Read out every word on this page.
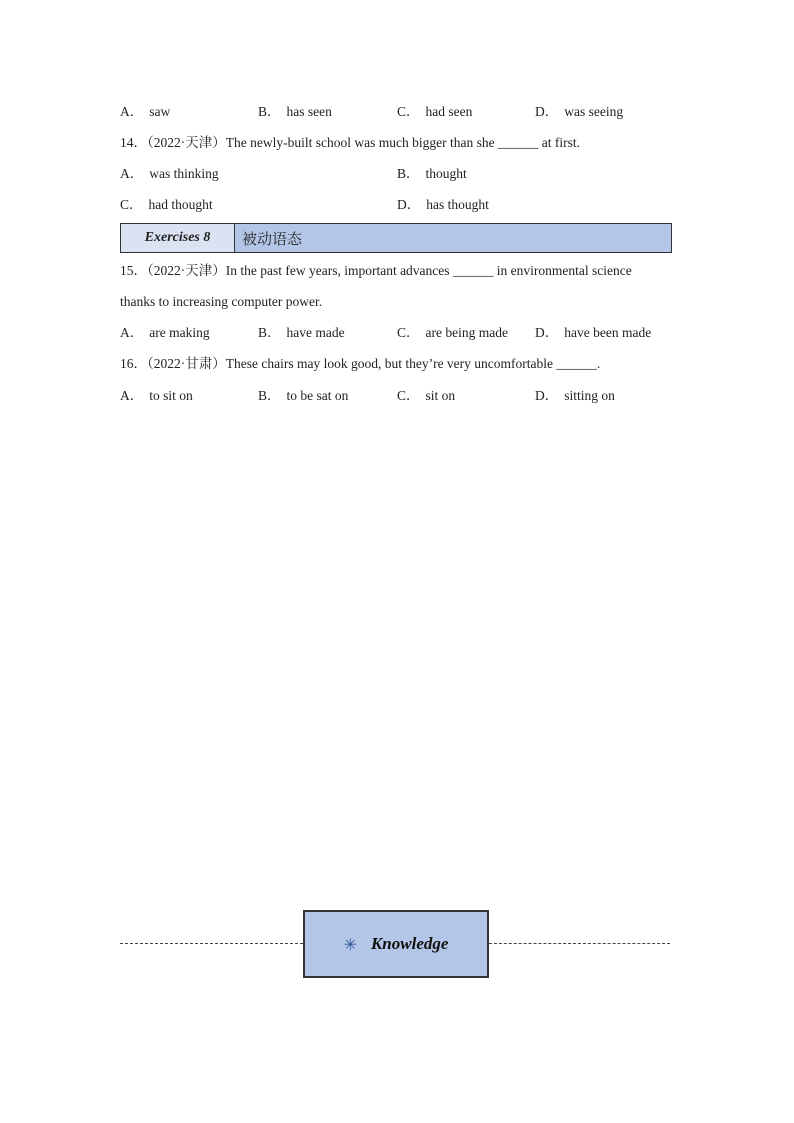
A． saw	B． has seen	C． had seen	D． was seeing
14．（2022·天津）The newly-built school was much bigger than she ______ at first.
A． was thinking	B． thought
C． had thought	D． has thought
Exercises 8	被动语态
15．（2022·天津）In the past few years, important advances ______ in environmental science
thanks to increasing computer power.
A． are making	B． have made	C． are being made D． have been made
16．（2022·甘肃）These chairs may look good, but they’re very uncomfortable ______.
A． to sit on	B． to be sat on	C． sit on	D． sitting on
✳ Knowledge
